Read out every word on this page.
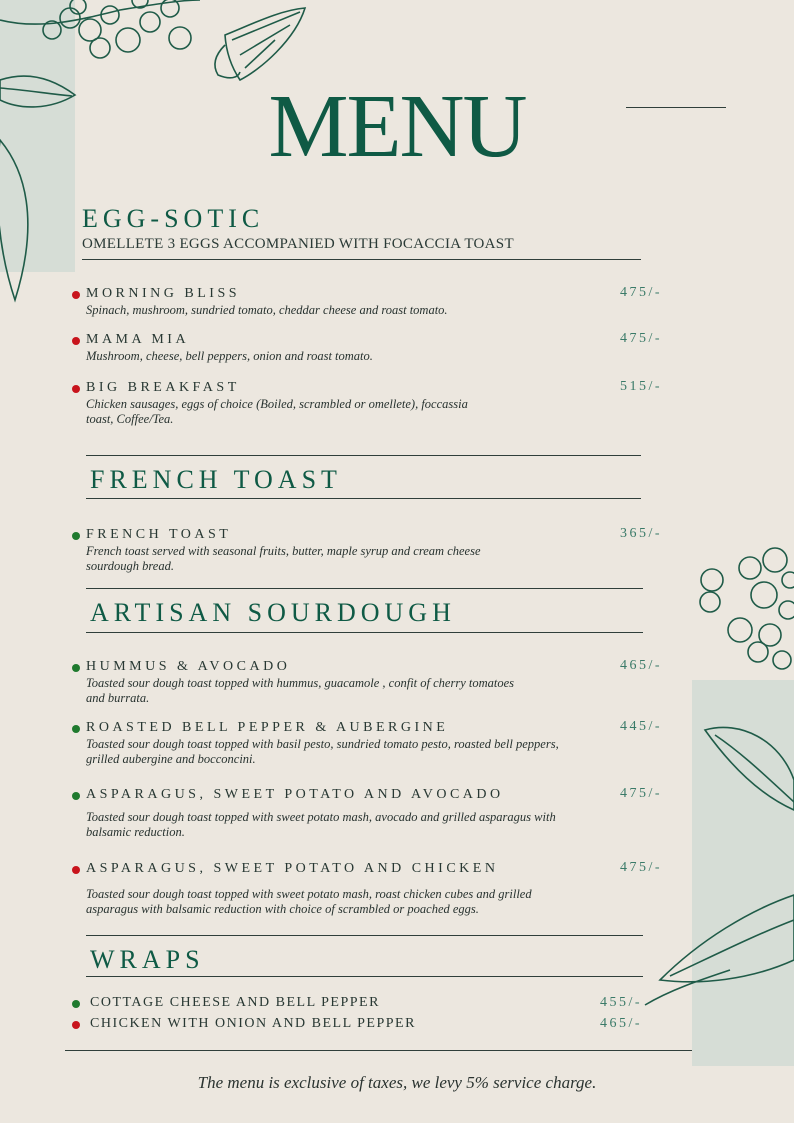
MENU
EGG-SOTIC
OMELLETE 3 EGGS ACCOMPANIED WITH FOCACCIA TOAST
MORNING BLISS	475/-
Spinach, mushroom, sundried tomato, cheddar cheese and roast tomato.
MAMA MIA	475/-
Mushroom, cheese, bell peppers, onion and roast tomato.
BIG BREAKFAST	515/-
Chicken sausages, eggs of choice (Boiled, scrambled or omellete), foccassia toast, Coffee/Tea.
FRENCH TOAST
FRENCH TOAST	365/-
French toast served with seasonal fruits, butter, maple syrup and cream cheese sourdough bread.
ARTISAN SOURDOUGH
HUMMUS & AVOCADO	465/-
Toasted sour dough toast topped with hummus, guacamole , confit of cherry tomatoes and burrata.
ROASTED BELL PEPPER & AUBERGINE	445/-
Toasted sour dough toast topped with basil pesto, sundried tomato pesto, roasted bell peppers, grilled aubergine and bocconcini.
ASPARAGUS, SWEET POTATO AND AVOCADO	475/-
Toasted sour dough toast topped with sweet potato mash, avocado and grilled asparagus with balsamic reduction.
ASPARAGUS, SWEET POTATO AND CHICKEN	475/-
Toasted sour dough toast topped with sweet potato mash, roast chicken cubes and grilled asparagus with balsamic reduction with choice of scrambled or poached eggs.
WRAPS
COTTAGE CHEESE AND BELL PEPPER	455/-
CHICKEN WITH ONION AND BELL PEPPER	465/-
The menu is exclusive of taxes, we levy 5% service charge.
